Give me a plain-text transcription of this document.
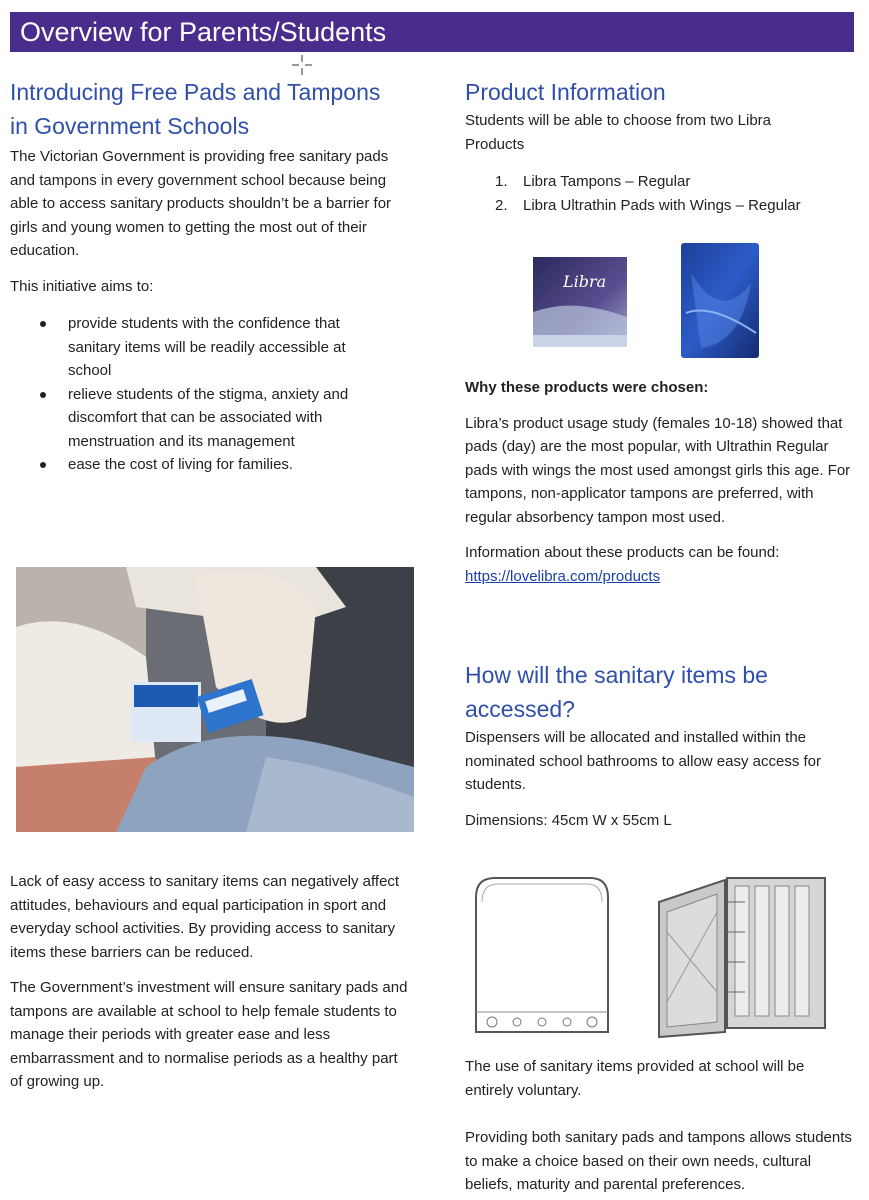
Overview for Parents/Students
Introducing Free Pads and Tampons in Government Schools

The Victorian Government is providing free sanitary pads and tampons in every government school because being able to access sanitary products shouldn’t be a barrier for girls and young women to getting the most out of their education.

This initiative aims to:

provide students with the confidence that sanitary items will be readily accessible at school
relieve students of the stigma, anxiety and discomfort that can be associated with menstruation and its management
ease the cost of living for families.

Lack of easy access to sanitary items can negatively affect attitudes, behaviours and equal participation in sport and everyday school activities. By providing access to sanitary items these barriers can be reduced.

The Government’s investment will ensure sanitary pads and tampons are available at school to help female students to manage their periods with greater ease and less embarrassment and to normalise periods as a healthy part of growing up.

Product Information

Students will be able to choose from two Libra Products

1. Libra Tampons – Regular
2. Libra Ultrathin Pads with Wings – Regular
Libra

Why these products were chosen:

Libra’s product usage study (females 10-18) showed that pads (day) are the most popular, with Ultrathin Regular pads with wings the most used amongst girls this age. For tampons, non-applicator tampons are preferred, with regular absorbency tampon most used.

Information about these products can be found:

https://lovelibra.com/products
How will the sanitary items be accessed?

Dispensers will be allocated and installed within the nominated school bathrooms to allow easy access for students.

Dimensions: 45cm W x 55cm L

The use of sanitary items provided at school will be entirely voluntary.

Providing both sanitary pads and tampons allows students to make a choice based on their own needs, cultural beliefs, maturity and parental preferences.
